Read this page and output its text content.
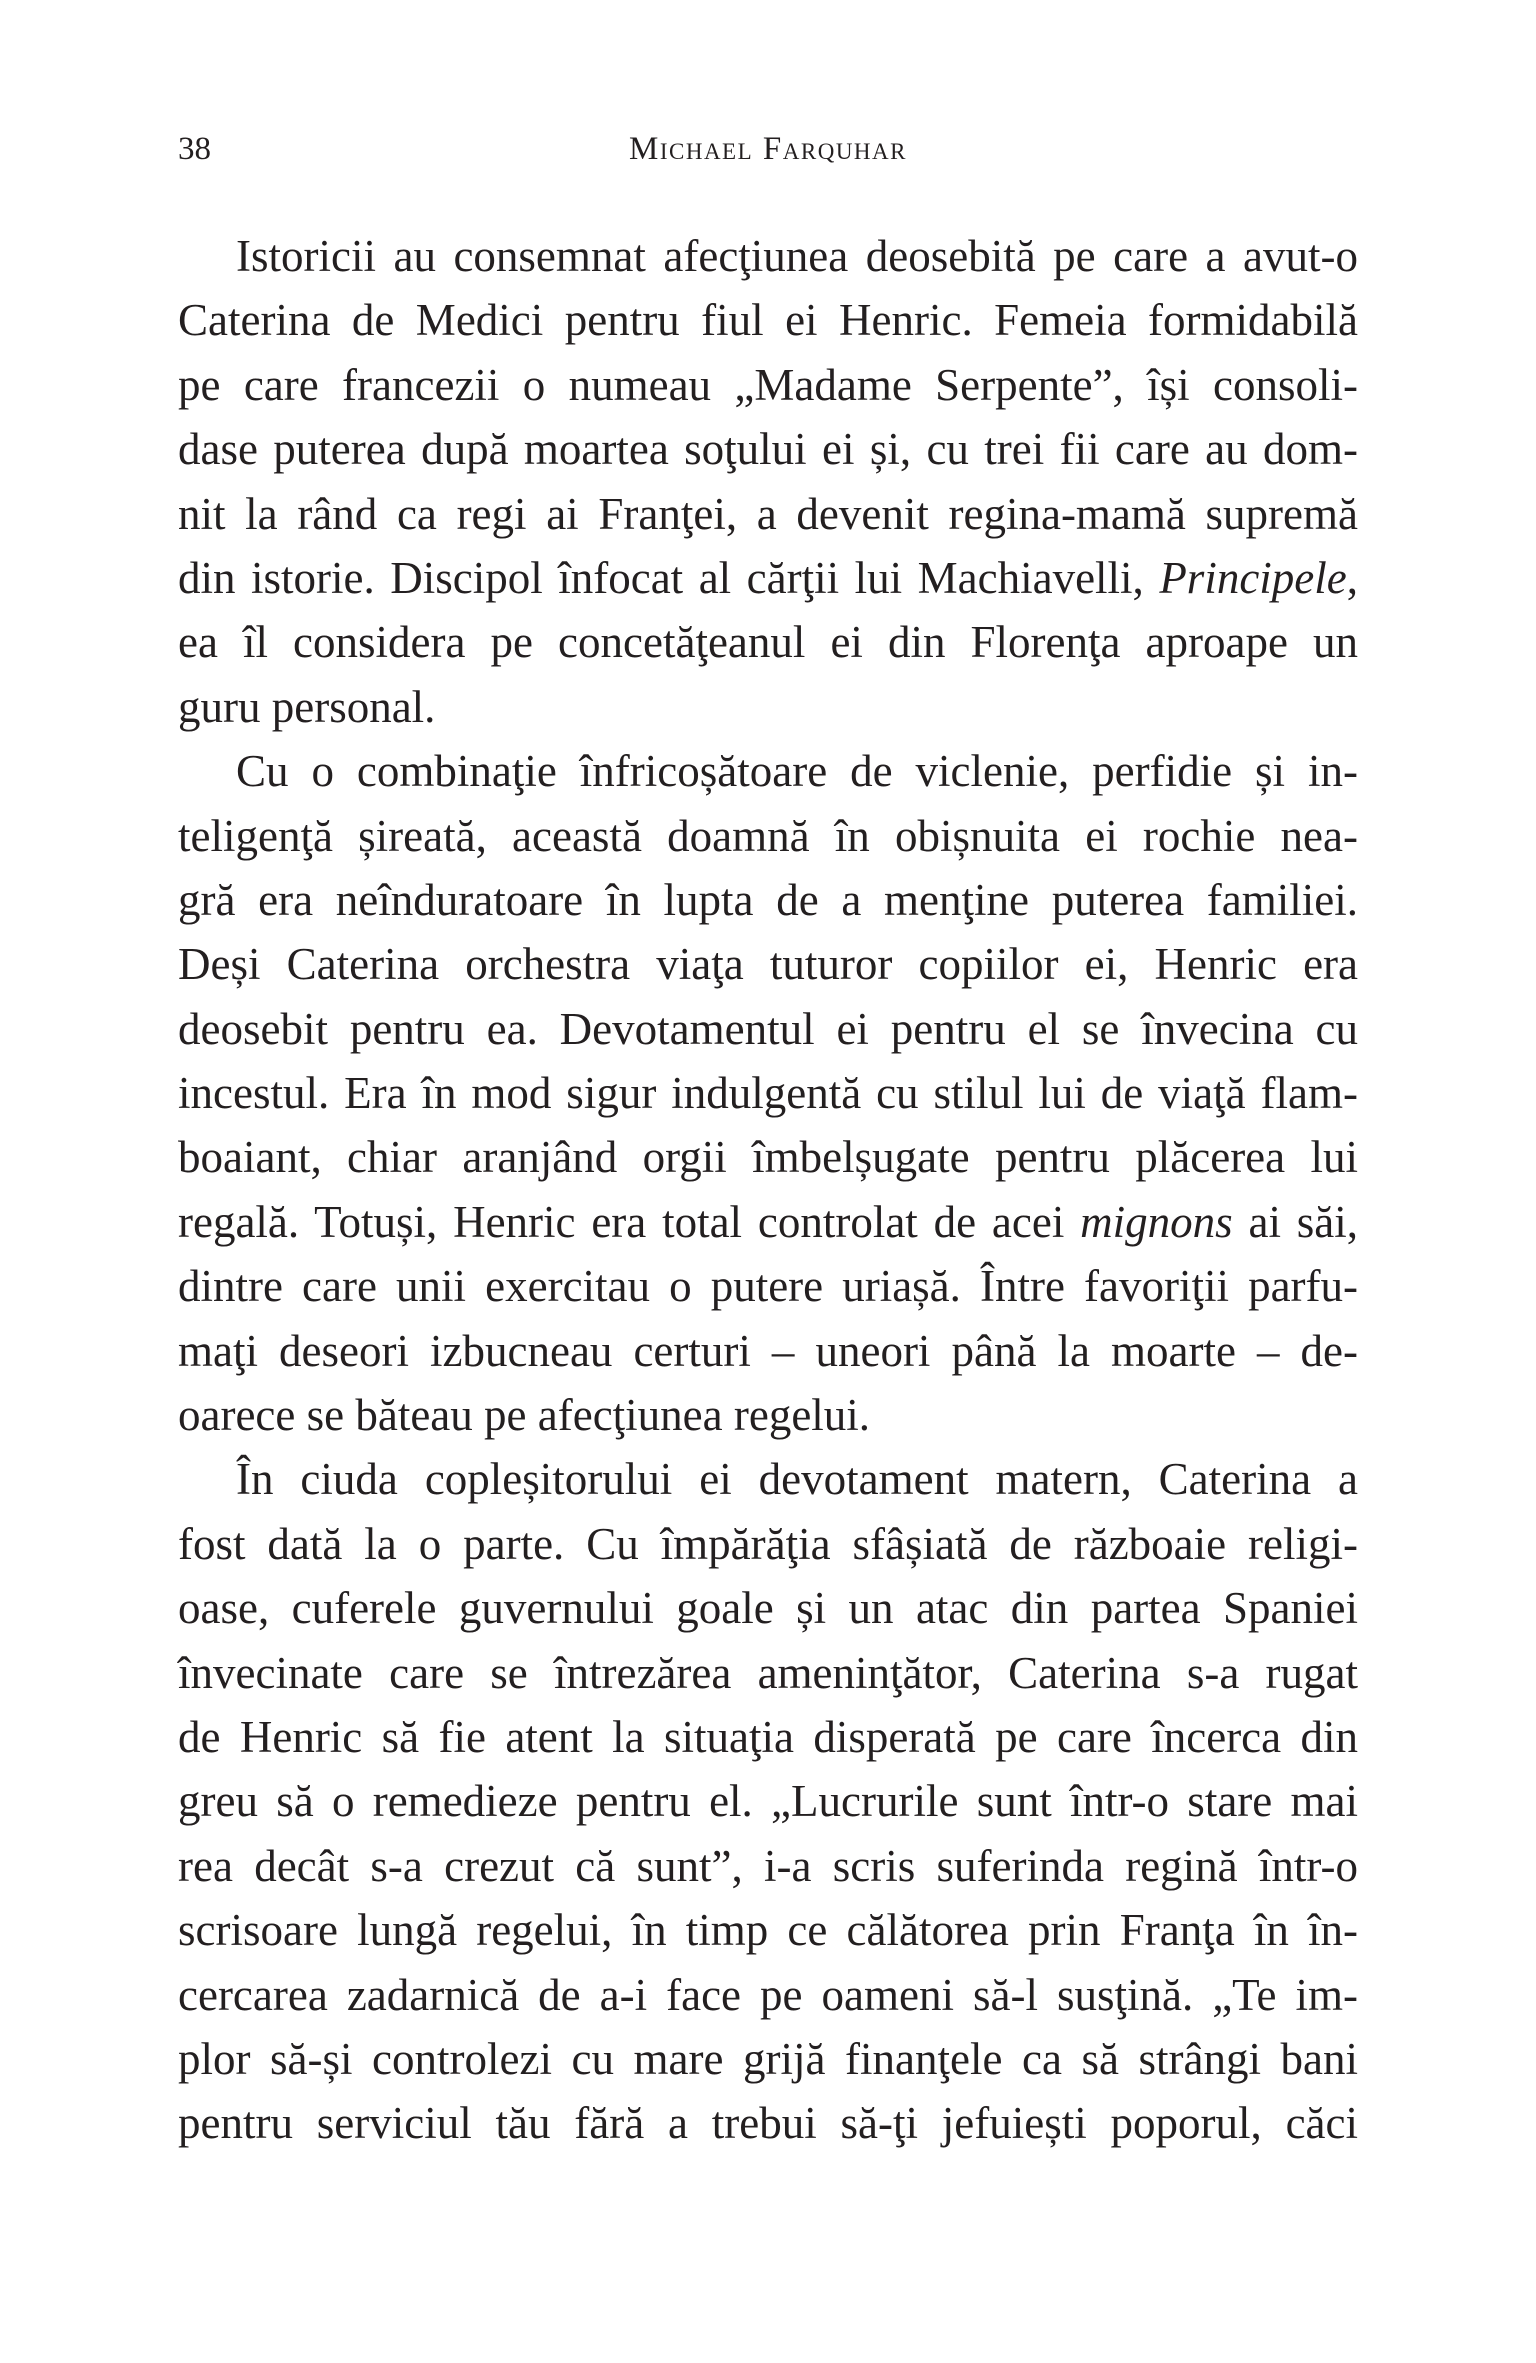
38	Michael Farquhar
Istoricii au consemnat afecţiunea deosebită pe care a avut-o
Caterina de Medici pentru fiul ei Henric. Femeia formidabilă
pe care francezii o numeau „Madame Serpente”, își consoli-
dase puterea după moartea soţului ei și, cu trei fii care au dom-
nit la rând ca regi ai Franţei, a devenit regina-mamă supremă
din istorie. Discipol înfocat al cărţii lui Machiavelli, Principele,
ea îl considera pe concetăţeanul ei din Florenţa aproape un
guru personal.
Cu o combinaţie înfricoșătoare de viclenie, perfidie și in-
teligenţă șireată, această doamnă în obișnuita ei rochie nea-
gră era neînduratoare în lupta de a menţine puterea familiei.
Deși Caterina orchestra viaţa tuturor copiilor ei, Henric era
deosebit pentru ea. Devotamentul ei pentru el se învecina cu
incestul. Era în mod sigur indulgentă cu stilul lui de viaţă flam-
boaiant, chiar aranjând orgii îmbelșugate pentru plăcerea lui
regală. Totuși, Henric era total controlat de acei mignons ai săi,
dintre care unii exercitau o putere uriașă. Între favoriţii parfu-
maţi deseori izbucneau certuri – uneori până la moarte – de-
oarece se băteau pe afecţiunea regelui.
În ciuda copleșitorului ei devotament matern, Caterina a
fost dată la o parte. Cu împărăţia sfâșiată de războaie religi-
oase, cuferele guvernului goale și un atac din partea Spaniei
învecinate care se întrezărea ameninţător, Caterina s-a rugat
de Henric să fie atent la situaţia disperată pe care încerca din
greu să o remedieze pentru el. „Lucrurile sunt într-o stare mai
rea decât s-a crezut că sunt”, i-a scris suferinda regină într-o
scrisoare lungă regelui, în timp ce călătorea prin Franţa în în-
cercarea zadarnică de a-i face pe oameni să-l susţină. „Te im-
plor să-și controlezi cu mare grijă finanţele ca să strângi bani
pentru serviciul tău fără a trebui să-ţi jefuiești poporul, căci
